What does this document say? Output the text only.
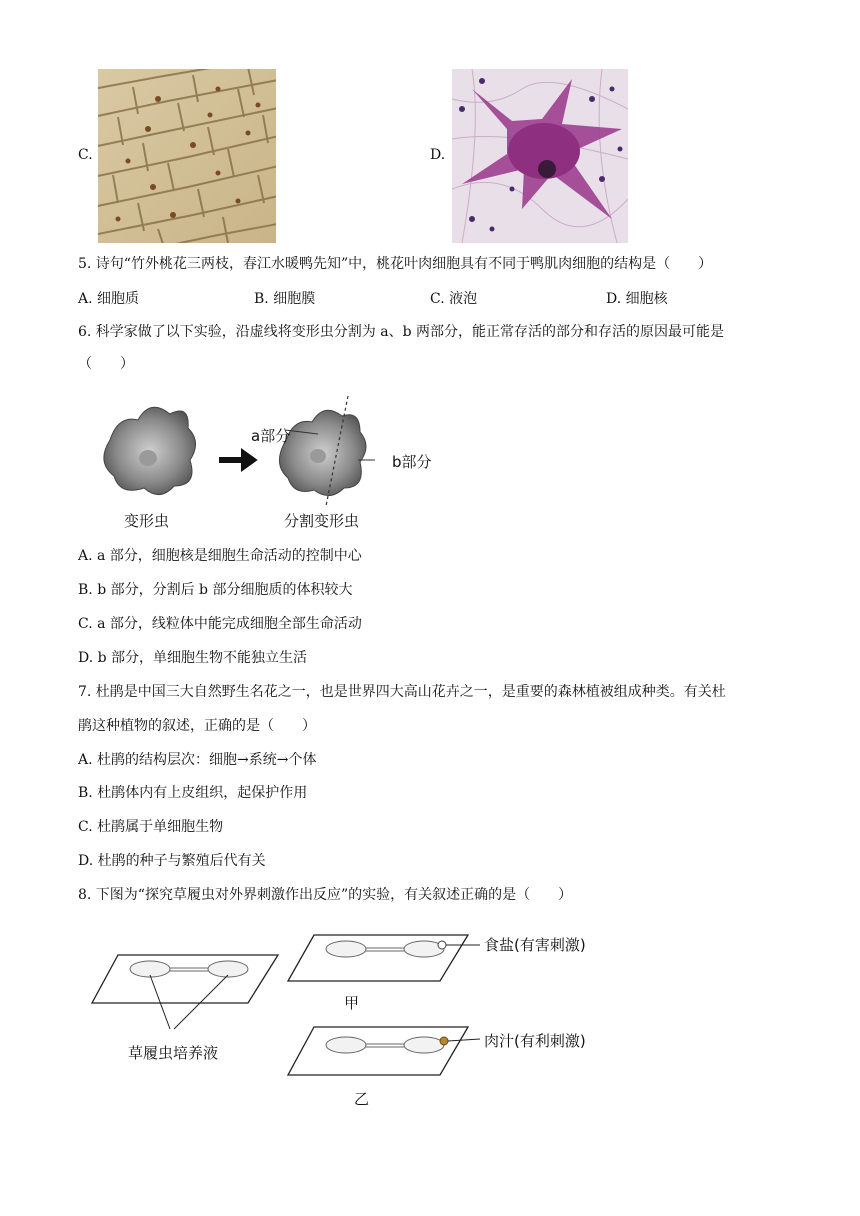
C.	D.
5. 诗句“竹外桃花三两枝，春江水暖鸭先知”中，桃花叶肉细胞具有不同于鸭肌肉细胞的结构是（　　）
A. 细胞质	B. 细胞膜	C. 液泡	D. 细胞核
6. 科学家做了以下实验，沿虚线将变形虫分割为 a、b 两部分，能正常存活的部分和存活的原因最可能是
（　　）
a部分
b部分
变形虫	分割变形虫
A. a 部分，细胞核是细胞生命活动的控制中心
B. b 部分，分割后 b 部分细胞质的体积较大
C. a 部分，线粒体中能完成细胞全部生命活动
D. b 部分，单细胞生物不能独立生活
7. 杜鹃是中国三大自然野生名花之一，也是世界四大高山花卉之一，是重要的森林植被组成种类。有关杜
鹃这种植物的叙述，正确的是（　　）
A. 杜鹃的结构层次：细胞→系统→个体
B. 杜鹃体内有上皮组织，起保护作用
C. 杜鹃属于单细胞生物
D. 杜鹃的种子与繁殖后代有关
8. 下图为“探究草履虫对外界刺激作出反应”的实验，有关叙述正确的是（　　）
草履虫培养液
食盐(有害刺激)
甲
肉汁(有利刺激)
乙
